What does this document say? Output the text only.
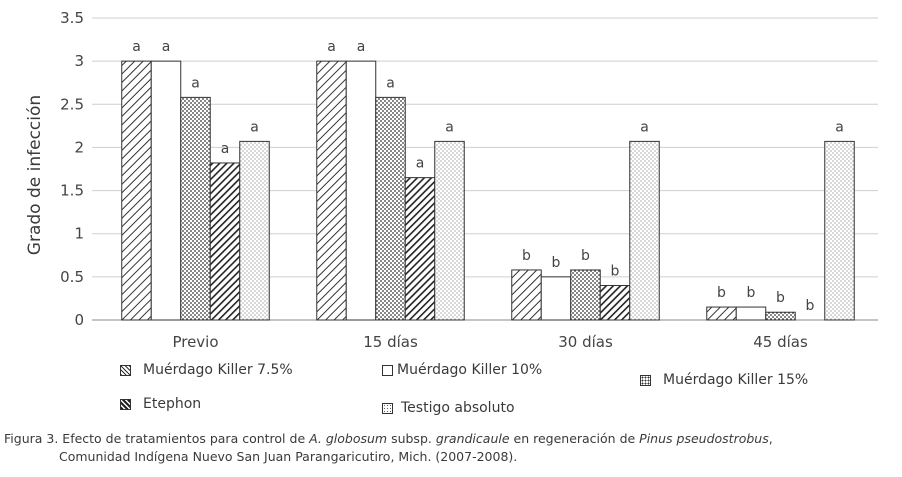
0
0.5
1
1.5
2
2.5
3
3.5
a a
a
a
a
a a
a
a
a
b b b
b
a
b b b b
a
Previo	15 días	30 días	45 días
Grado de infección
Muérdago Killer 7.5%	Muérdago Killer 10%
Muérdago Killer 15%
Etephon	Testigo absoluto
Figura 3. Efecto de tratamientos para control de A. globosum subsp. grandicaule en regeneración de Pinus pseudostrobus,
Comunidad Indígena Nuevo San Juan Parangaricutiro, Mich. (2007-2008).
